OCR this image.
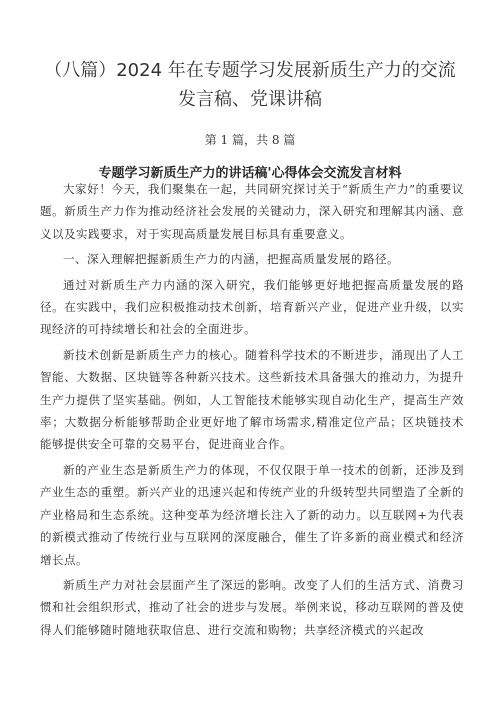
（八篇）2024 年在专题学习发展新质生产力的交流发言稿、党课讲稿
第 1 篇，共 8 篇
专题学习新质生产力的讲话稿'心得体会交流发言材料

大家好！今天，我们聚集在一起，共同研究探讨关于“新质生产力”的重要议题。新质生产力作为推动经济社会发展的关键动力，深入研究和理解其内涵、意义以及实践要求，对于实现高质量发展目标具有重要意义。

一、深入理解把握新质生产力的内涵，把握高质量发展的路径。

通过对新质生产力内涵的深入研究，我们能够更好地把握高质量发展的路径。在实践中，我们应积极推动技术创新，培育新兴产业，促进产业升级，以实现经济的可持续增长和社会的全面进步。

新技术创新是新质生产力的核心。随着科学技术的不断进步，涌现出了人工智能、大数据、区块链等各种新兴技术。这些新技术具备强大的推动力，为提升生产力提供了坚实基础。例如，人工智能技术能够实现自动化生产，提高生产效率；大数据分析能够帮助企业更好地了解市场需求,精准定位产品；区块链技术能够提供安全可靠的交易平台，促进商业合作。

新的产业生态是新质生产力的体现，不仅仅限于单一技术的创新，还涉及到产业生态的重塑。新兴产业的迅速兴起和传统产业的升级转型共同塑造了全新的产业格局和生态系统。这种变革为经济增长注入了新的动力。以互联网+为代表的新模式推动了传统行业与互联网的深度融合，催生了许多新的商业模式和经济增长点。

新质生产力对社会层面产生了深远的影响。改变了人们的生活方式、消费习惯和社会组织形式，推动了社会的进步与发展。举例来说，移动互联网的普及使得人们能够随时随地获取信息、进行交流和购物；共享经济模式的兴起改
